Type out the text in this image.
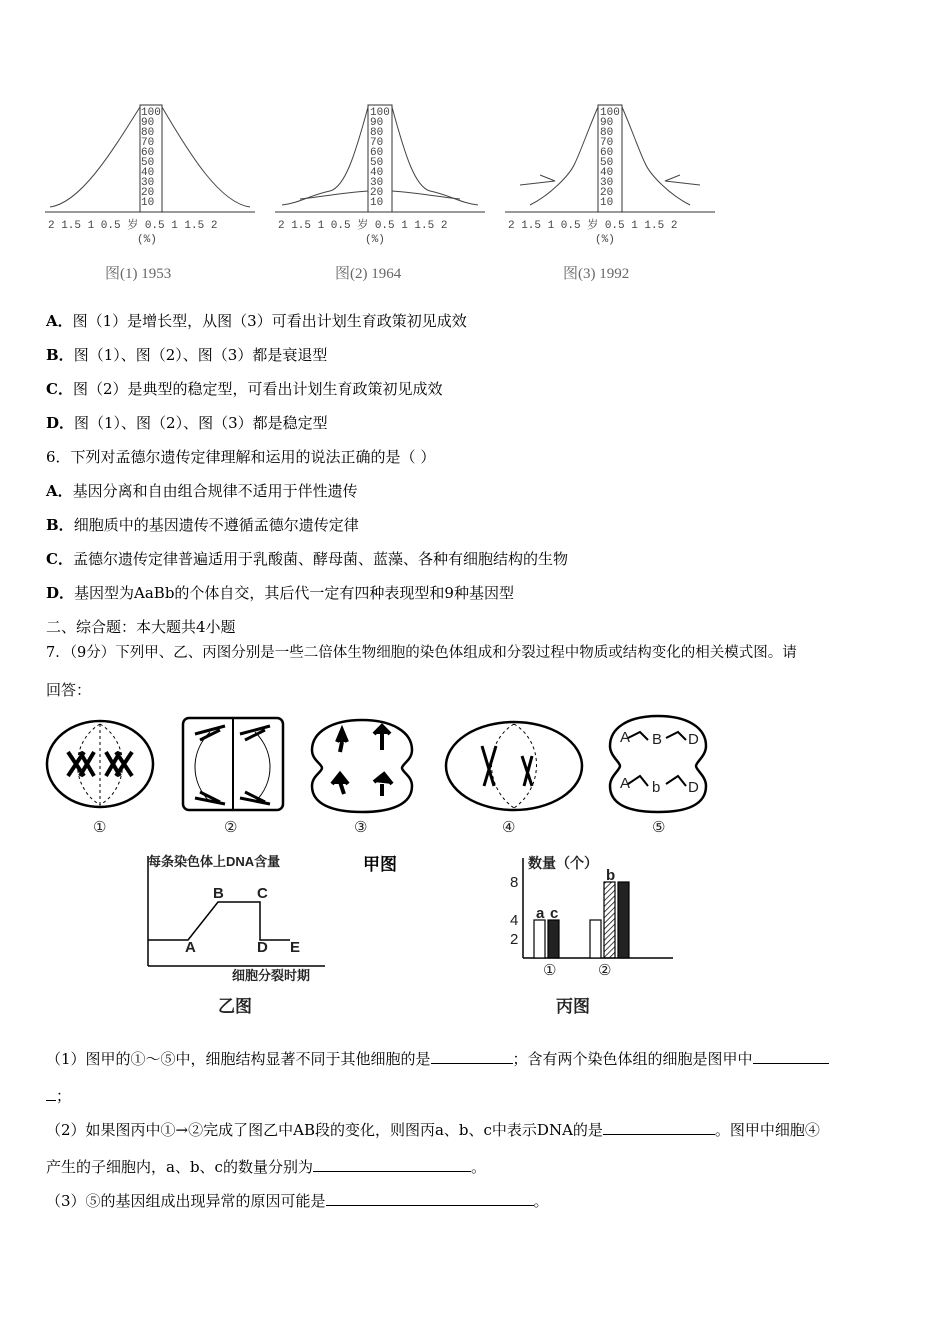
100
90
80
70
60
50
40
30
20
10
2 1.5 1 0.5 岁 0.5 1 1.5 2
(%)
100
90
80
70
60
50
40
30
20
10
2 1.5 1 0.5 岁 0.5 1 1.5 2
(%)
100
90
80
70
60
50
40
30
20
10
2 1.5 1 0.5 岁 0.5 1 1.5 2
(%)
图(1) 1953	图(2) 1964	图(3) 1992
A．图（1）是增长型，从图（3）可看出计划生育政策初见成效
B．图（1）、图（2）、图（3）都是衰退型
C．图（2）是典型的稳定型，可看出计划生育政策初见成效
D．图（1）、图（2）、图（3）都是稳定型
6．下列对孟德尔遗传定律理解和运用的说法正确的是（ ）
A．基因分离和自由组合规律不适用于伴性遗传
B．细胞质中的基因遗传不遵循孟德尔遗传定律
C．孟德尔遗传定律普遍适用于乳酸菌、酵母菌、蓝藻、各种有细胞结构的生物
D．基因型为AaBb的个体自交，其后代一定有四种表现型和9种基因型
二、综合题：本大题共4小题
7．（9分）下列甲、乙、丙图分别是一些二倍体生物细胞的染色体组成和分裂过程中物质或结构变化的相关模式图。请
回答：
A B D
A b D
①	②	③	④	⑤
每条染色体上DNA含量
细胞分裂时期
A
B C
D E
乙图
甲图	数量（个）
8
4
2
a c
b
①	②
丙图
（1）图甲的①～⑤中，细胞结构显著不同于其他细胞的是	；含有两个染色体组的细胞是图甲中
；
（2）如果图丙中①→②完成了图乙中AB段的变化，则图丙a、b、c中表示DNA的是	。图甲中细胞④
产生的子细胞内，a、b、c的数量分别为	。
（3）⑤的基因组成出现异常的原因可能是	。
